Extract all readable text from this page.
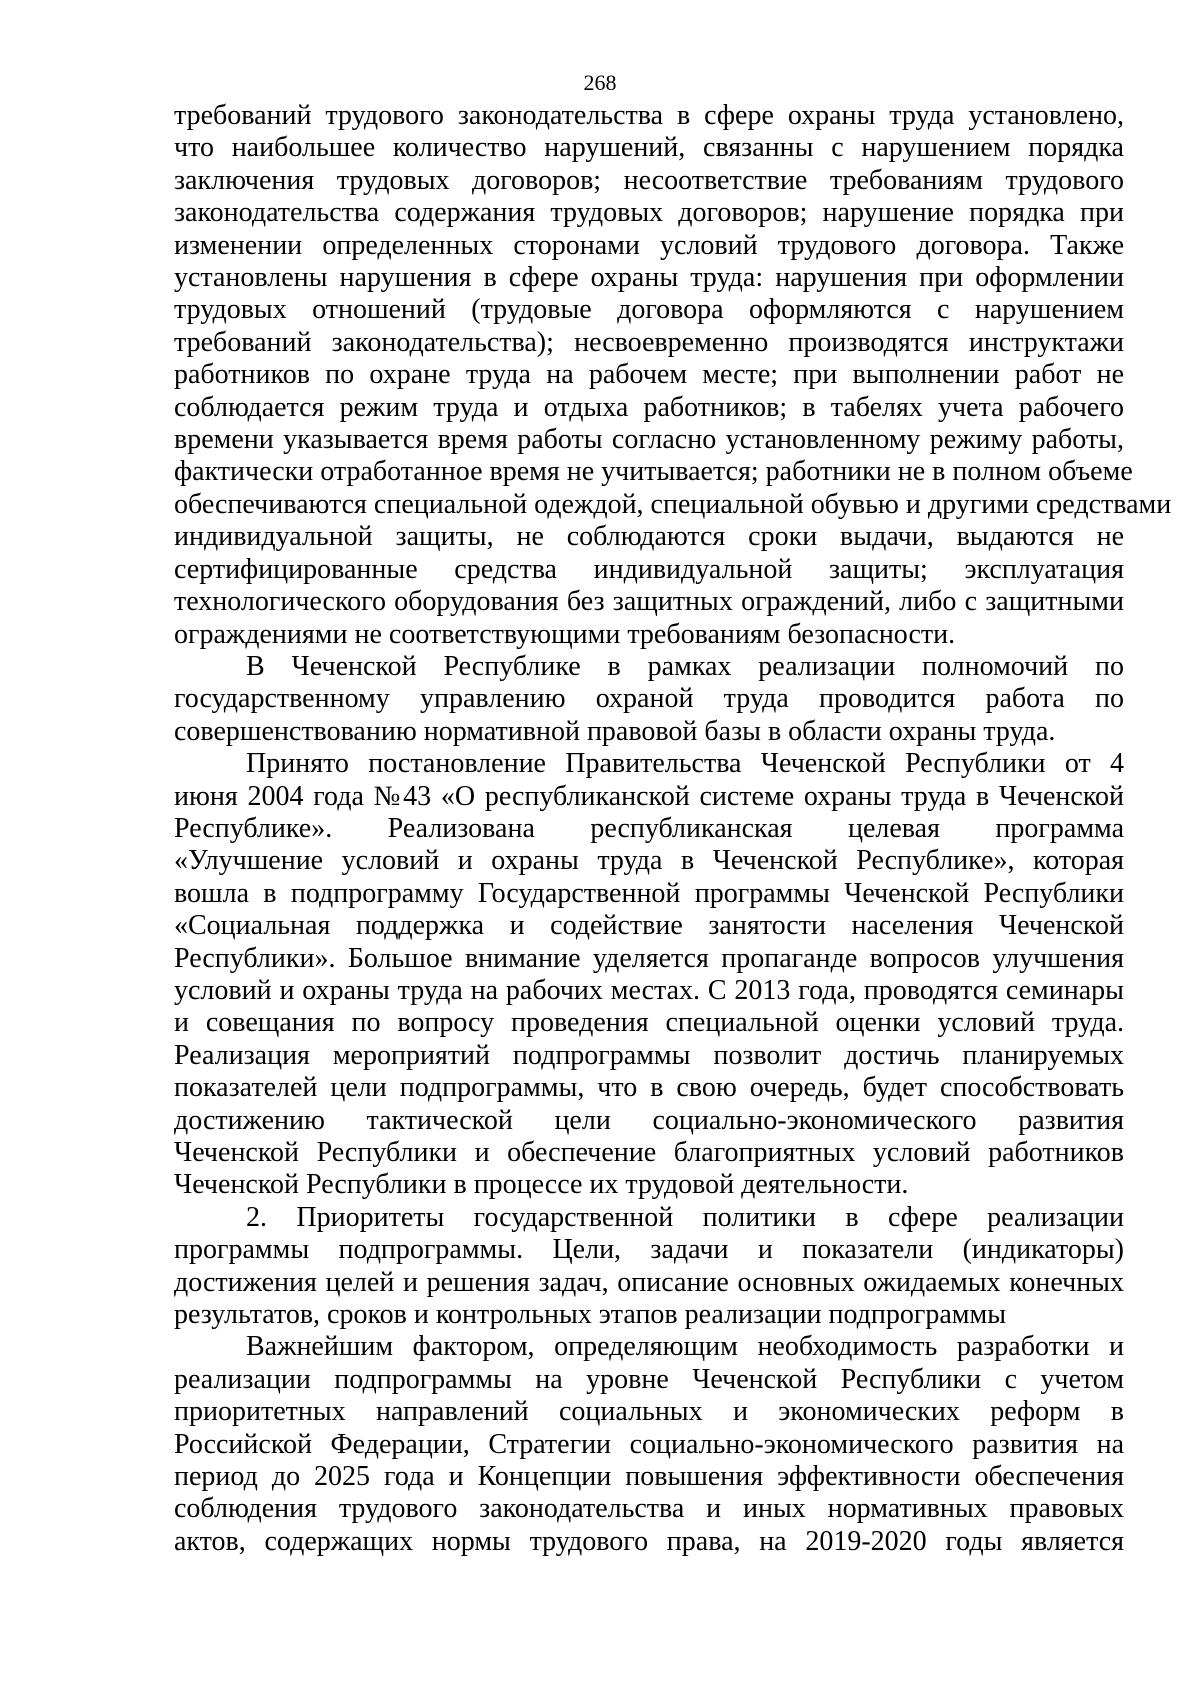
268
требований трудового законодательства в сфере охраны труда установлено,
что наибольшее количество нарушений, связанны с нарушением порядка
заключения трудовых договоров; несоответствие требованиям трудового
законодательства содержания трудовых договоров; нарушение порядка при
изменении определенных сторонами условий трудового договора. Также
установлены нарушения в сфере охраны труда: нарушения при оформлении
трудовых отношений (трудовые договора оформляются с нарушением
требований законодательства); несвоевременно производятся инструктажи
работников по охране труда на рабочем месте; при выполнении работ не
соблюдается режим труда и отдыха работников; в табелях учета рабочего
времени указывается время работы согласно установленному режиму работы,
фактически отработанное время не учитывается; работники не в полном объеме
обеспечиваются специальной одеждой, специальной обувью и другими средствами
индивидуальной защиты, не соблюдаются сроки выдачи, выдаются не
сертифицированные средства индивидуальной защиты; эксплуатация
технологического оборудования без защитных ограждений, либо с защитными
ограждениями не соответствующими требованиям безопасности.
В Чеченской Республике в рамках реализации полномочий по
государственному управлению охраной труда проводится работа по
совершенствованию нормативной правовой базы в области охраны труда.
Принято постановление Правительства Чеченской Республики от 4
июня 2004 года №43 «О республиканской системе охраны труда в Чеченской
Республике». Реализована республиканская целевая программа
«Улучшение условий и охраны труда в Чеченской Республике», которая
вошла в подпрограмму Государственной программы Чеченской Республики
«Социальная поддержка и содействие занятости населения Чеченской
Республики». Большое внимание уделяется пропаганде вопросов улучшения
условий и охраны труда на рабочих местах. С 2013 года, проводятся семинары
и совещания по вопросу проведения специальной оценки условий труда.
Реализация мероприятий подпрограммы позволит достичь планируемых
показателей цели подпрограммы, что в свою очередь, будет способствовать
достижению тактической цели социально-экономического развития
Чеченской Республики и обеспечение благоприятных условий работников
Чеченской Республики в процессе их трудовой деятельности.
2. Приоритеты государственной политики в сфере реализации
программы подпрограммы. Цели, задачи и показатели (индикаторы)
достижения целей и решения задач, описание основных ожидаемых конечных
результатов, сроков и контрольных этапов реализации подпрограммы
Важнейшим фактором, определяющим необходимость разработки и
реализации подпрограммы на уровне Чеченской Республики с учетом
приоритетных направлений социальных и экономических реформ в
Российской Федерации, Стратегии социально-экономического развития на
период до 2025 года и Концепции повышения эффективности обеспечения
соблюдения трудового законодательства и иных нормативных правовых
актов, содержащих нормы трудового права, на 2019-2020 годы является
